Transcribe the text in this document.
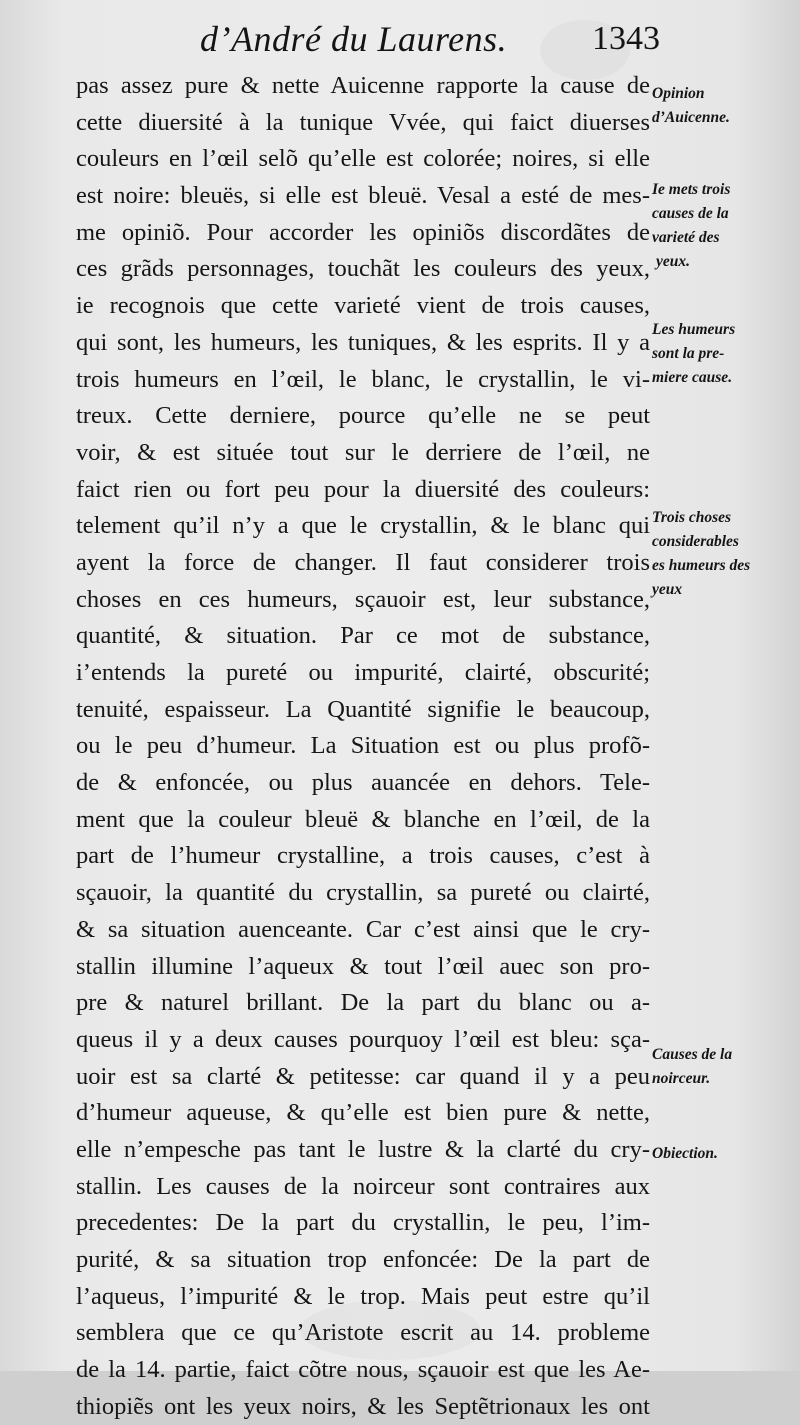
d’André du Laurens. 1343
pas assez pure & nette Auicenne rapporte la cause de
cette diuersité à la tunique Vvée, qui faict diuerses
couleurs en l’œil selõ qu’elle est colorée; noires, si elle
est noire: bleuës, si elle est bleuë. Vesal a esté de mes-
me opiniõ. Pour accorder les opiniõs discordãtes de
ces grãds personnages, touchãt les couleurs des yeux,
ie recognois que cette varieté vient de trois causes,
qui sont, les humeurs, les tuniques, & les esprits. Il y a
trois humeurs en l’œil, le blanc, le crystallin, le vi-
treux. Cette derniere, pource qu’elle ne se peut
voir, & est située tout sur le derriere de l’œil, ne
faict rien ou fort peu pour la diuersité des couleurs:
telement qu’il n’y a que le crystallin, & le blanc qui
ayent la force de changer. Il faut considerer trois
choses en ces humeurs, sçauoir est, leur substance,
quantité, & situation. Par ce mot de substance,
i’entends la pureté ou impurité, clairté, obscurité;
tenuité, espaisseur. La Quantité signifie le beaucoup,
ou le peu d’humeur. La Situation est ou plus profõ-
de & enfoncée, ou plus auancée en dehors. Tele-
ment que la couleur bleuë & blanche en l’œil, de la
part de l’humeur crystalline, a trois causes, c’est à
sçauoir, la quantité du crystallin, sa pureté ou clairté,
& sa situation auenceante. Car c’est ainsi que le cry-
stallin illumine l’aqueux & tout l’œil auec son pro-
pre & naturel brillant. De la part du blanc ou a-
queus il y a deux causes pourquoy l’œil est bleu: sça-
uoir est sa clarté & petitesse: car quand il y a peu
d’humeur aqueuse, & qu’elle est bien pure & nette,
elle n’empesche pas tant le lustre & la clarté du cry-
stallin. Les causes de la noirceur sont contraires aux
precedentes: De la part du crystallin, le peu, l’im-
purité, & sa situation trop enfoncée: De la part de
l’aqueus, l’impurité & le trop. Mais peut estre qu’il
semblera que ce qu’Aristote escrit au 14. probleme
de la 14. partie, faict cõtre nous, sçauoir est que les Ae-
thiopiẽs ont les yeux noirs, & les Septẽtrionaux les ont
Opinion
d’Auicenne.
Ie mets trois
causes de la
varieté des
yeux.
Les humeurs
sont la pre-
miere cause.
Trois choses
considerables
es humeurs des
yeux
Causes de la
noirceur.
Obiection.
